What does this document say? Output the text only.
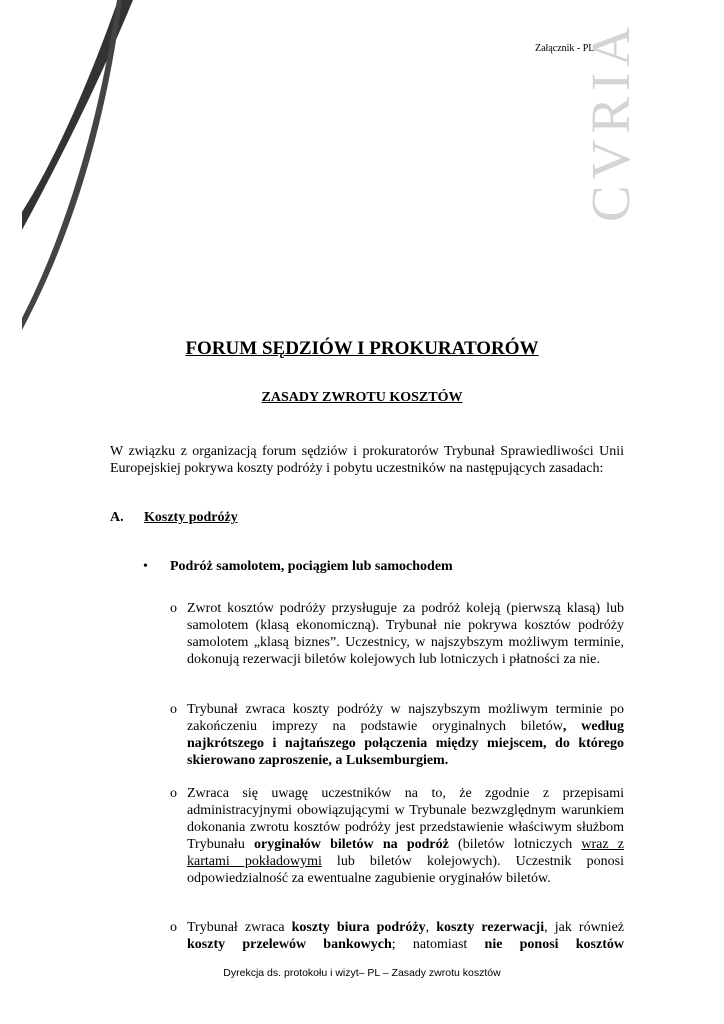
Załącznik - PL
CVRIA
FORUM SĘDZIÓW I PROKURATORÓW
ZASADY ZWROTU KOSZTÓW
W związku z organizacją forum sędziów i prokuratorów Trybunał Sprawiedliwości Unii Europejskiej pokrywa koszty podróży i pobytu uczestników na następujących zasadach:
A. Koszty podróży
• Podróż samolotem, pociągiem lub samochodem
o Zwrot kosztów podróży przysługuje za podróż koleją (pierwszą klasą) lub samolotem (klasą ekonomiczną). Trybunał nie pokrywa kosztów podróży samolotem „klasą biznes”. Uczestnicy, w najszybszym możliwym terminie, dokonują rezerwacji biletów kolejowych lub lotniczych i płatności za nie.
o Trybunał zwraca koszty podróży w najszybszym możliwym terminie po zakończeniu imprezy na podstawie oryginalnych biletów, według najkrótszego i najtańszego połączenia między miejscem, do którego skierowano zaproszenie, a Luksemburgiem.
o Zwraca się uwagę uczestników na to, że zgodnie z przepisami administracyjnymi obowiązującymi w Trybunale bezwzględnym warunkiem dokonania zwrotu kosztów podróży jest przedstawienie właściwym służbom Trybunału oryginałów biletów na podróż (biletów lotniczych wraz z kartami pokładowymi lub biletów kolejowych). Uczestnik ponosi odpowiedzialność za ewentualne zagubienie oryginałów biletów.
o Trybunał zwraca koszty biura podróży, koszty rezerwacji, jak również koszty przelewów bankowych; natomiast nie ponosi kosztów
Dyrekcja ds. protokołu i wizyt– PL – Zasady zwrotu kosztów
